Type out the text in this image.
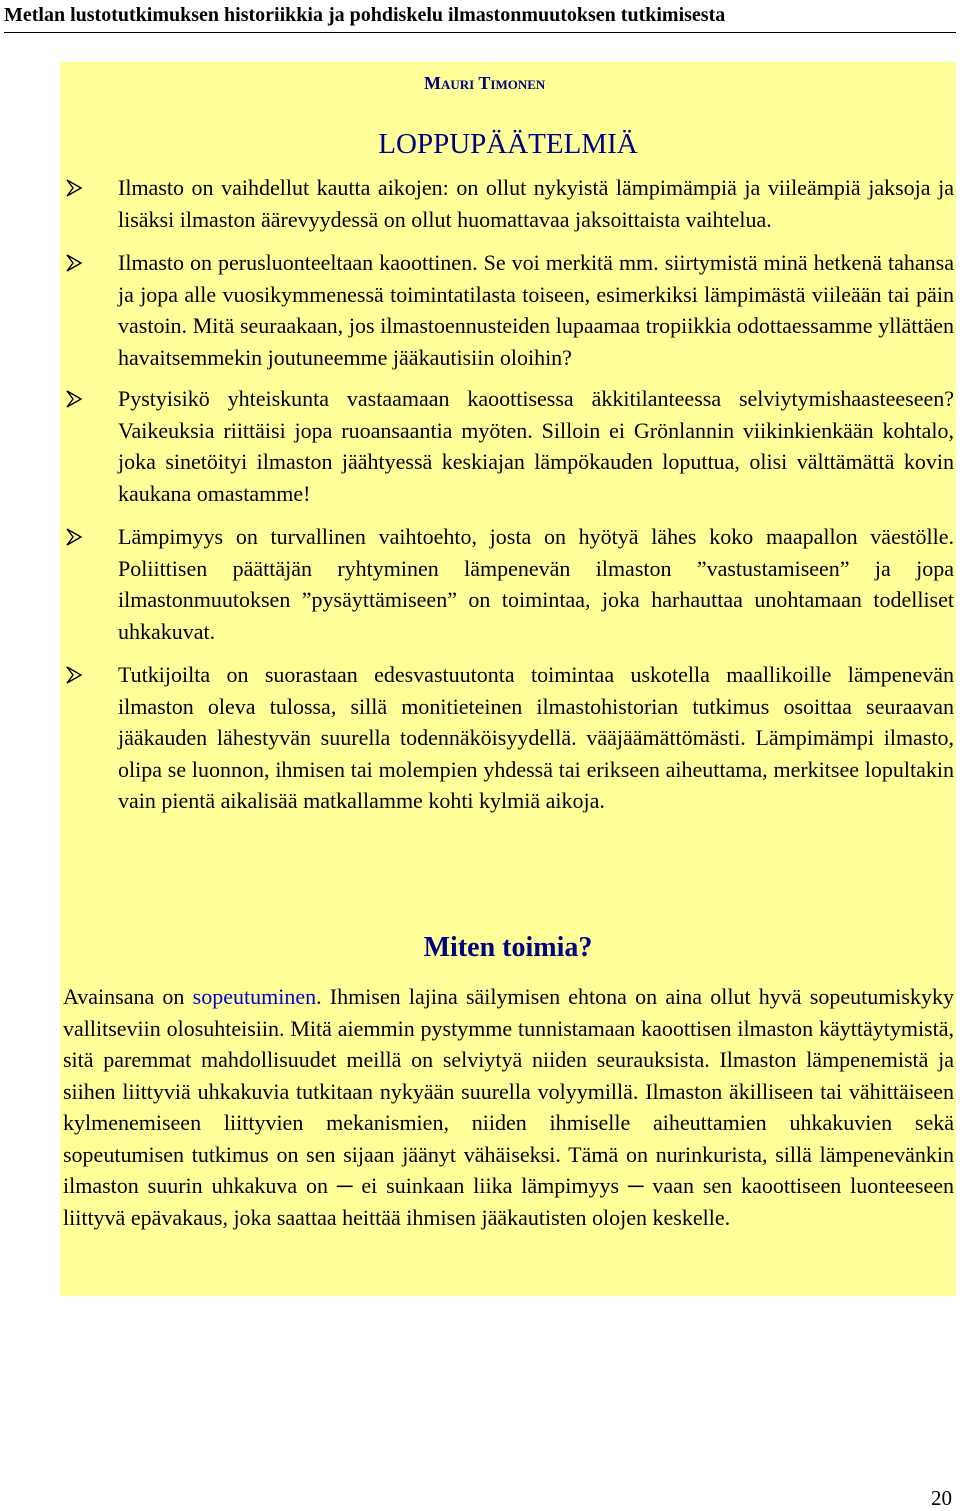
Metlan lustotutkimuksen historiikkia ja pohdiskelu ilmastonmuutoksen tutkimisesta
Mauri Timonen
LOPPUPÄÄTELMIÄ
Ilmasto on vaihdellut kautta aikojen: on ollut nykyistä lämpimämpiä ja viileämpiä jaksoja ja lisäksi ilmaston äärevyydessä on ollut huomattavaa jaksoittaista vaihtelua.
Ilmasto on perusluonteeltaan kaoottinen. Se voi merkitä mm. siirtymistä minä hetkenä tahansa ja jopa alle vuosikymmenessä toimintatilasta toiseen, esimerkiksi lämpimästä viileään tai päin vastoin. Mitä seuraakaan, jos ilmastoennusteiden lupaamaa tropiikkia odottaessamme yllättäen havaitsemmekin joutuneemme jääkautisiin oloihin?
Pystyisikö yhteiskunta vastaamaan kaoottisessa äkkitilanteessa selviytymishaasteeseen? Vaikeuksia riittäisi jopa ruoansaantia myöten. Silloin ei Grönlannin viikinkienkään kohtalo, joka sinetöityi ilmaston jäähtyessä keskiajan lämpökauden loputtua, olisi välttämättä kovin kaukana omastamme!
Lämpimyys on turvallinen vaihtoehto, josta on hyötyä lähes koko maapallon väestölle. Poliittisen päättäjän ryhtyminen lämpenevän ilmaston ”vastustamiseen” ja jopa ilmastonmuutoksen ”pysäyttämiseen” on toimintaa, joka harhauttaa unohtamaan todelliset uhkakuvat.
Tutkijoilta on suorastaan edesvastuutonta toimintaa uskotella maallikoille lämpenevän ilmaston oleva tulossa, sillä monitieteinen ilmastohistorian tutkimus osoittaa seuraavan jääkauden lähestyvän suurella todennäköisyydellä. vääjäämättömästi. Lämpimämpi ilmasto, olipa se luonnon, ihmisen tai molempien yhdessä tai erikseen aiheuttama, merkitsee lopultakin vain pientä aikalisää matkallamme kohti kylmiä aikoja.
Miten toimia?

Avainsana on sopeutuminen. Ihmisen lajina säilymisen ehtona on aina ollut hyvä sopeutumiskyky vallitseviin olosuhteisiin. Mitä aiemmin pystymme tunnistamaan kaoottisen ilmaston käyttäytymistä, sitä paremmat mahdollisuudet meillä on selviytyä niiden seurauksista. Ilmaston lämpenemistä ja siihen liittyviä uhkakuvia tutkitaan nykyään suurella volyymillä. Ilmaston äkilliseen tai vähittäiseen kylmenemiseen liittyvien mekanismien, niiden ihmiselle aiheuttamien uhkakuvien sekä sopeutumisen tutkimus on sen sijaan jäänyt vähäiseksi. Tämä on nurinkurista, sillä lämpenevänkin ilmaston suurin uhkakuva on ─ ei suinkaan liika lämpimyys ─ vaan sen kaoottiseen luonteeseen liittyvä epävakaus, joka saattaa heittää ihmisen jääkautisten olojen keskelle.

20
